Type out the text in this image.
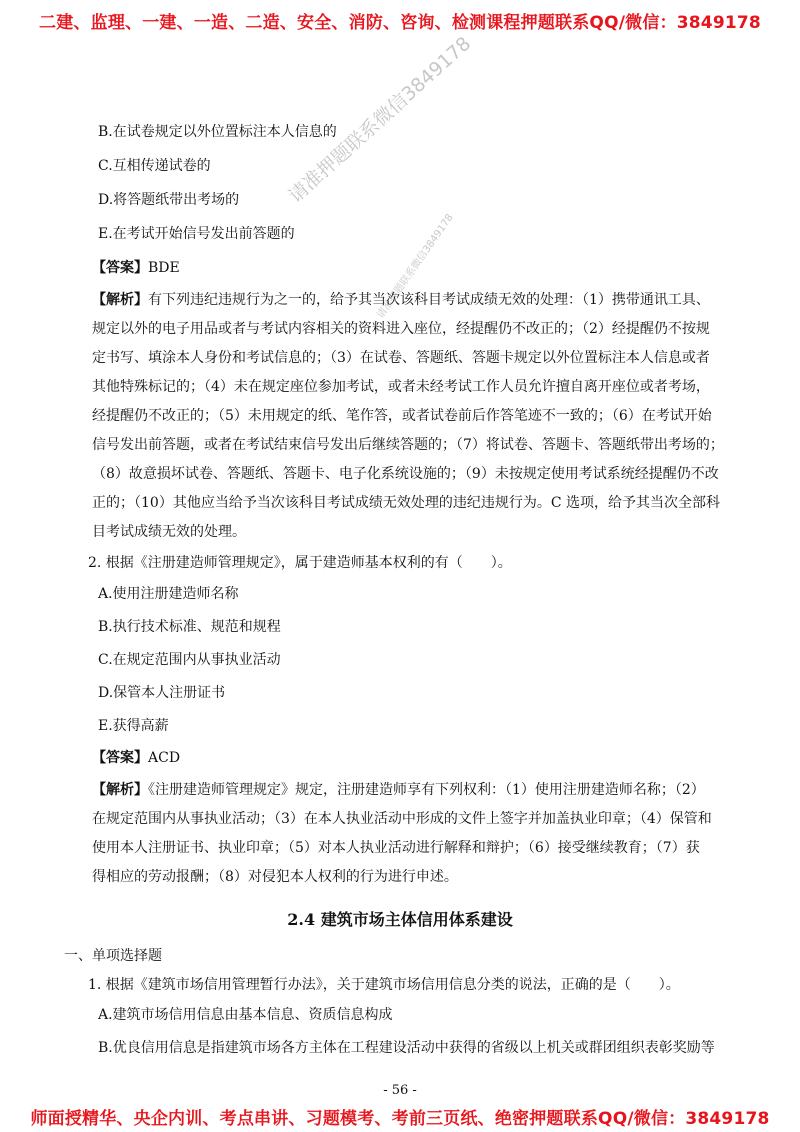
二建、监理、一建、一造、二造、安全、消防、咨询、检测课程押题联系QQ/微信：3849178
请准押题联系微信3849178
请准押题联系微信3849178
B.在试卷规定以外位置标注本人信息的
C.互相传递试卷的
D.将答题纸带出考场的
E.在考试开始信号发出前答题的
【答案】BDE
【解析】有下列违纪违规行为之一的，给予其当次该科目考试成绩无效的处理：（1）携带通讯工具、
规定以外的电子用品或者与考试内容相关的资料进入座位，经提醒仍不改正的；（2）经提醒仍不按规
定书写、填涂本人身份和考试信息的；（3）在试卷、答题纸、答题卡规定以外位置标注本人信息或者
其他特殊标记的；（4）未在规定座位参加考试，或者未经考试工作人员允许擅自离开座位或者考场，
经提醒仍不改正的；（5）未用规定的纸、笔作答，或者试卷前后作答笔迹不一致的；（6）在考试开始
信号发出前答题，或者在考试结束信号发出后继续答题的；（7）将试卷、答题卡、答题纸带出考场的；
（8）故意损坏试卷、答题纸、答题卡、电子化系统设施的；（9）未按规定使用考试系统经提醒仍不改
正的；（10）其他应当给予当次该科目考试成绩无效处理的违纪违规行为。C 选项，给予其当次全部科
目考试成绩无效的处理。
2. 根据《注册建造师管理规定》，属于建造师基本权利的有（　　）。
A.使用注册建造师名称
B.执行技术标准、规范和规程
C.在规定范围内从事执业活动
D.保管本人注册证书
E.获得高薪
【答案】ACD
【解析】《注册建造师管理规定》规定，注册建造师享有下列权利：（1）使用注册建造师名称；（2）
在规定范围内从事执业活动；（3）在本人执业活动中形成的文件上签字并加盖执业印章；（4）保管和
使用本人注册证书、执业印章；（5）对本人执业活动进行解释和辩护；（6）接受继续教育；（7）获
得相应的劳动报酬；（8）对侵犯本人权利的行为进行申述。
2.4 建筑市场主体信用体系建设
一、单项选择题
1. 根据《建筑市场信用管理暂行办法》，关于建筑市场信用信息分类的说法，正确的是（　　）。
A.建筑市场信用信息由基本信息、资质信息构成
B.优良信用信息是指建筑市场各方主体在工程建设活动中获得的省级以上机关或群团组织表彰奖励等
- 56 -
师面授精华、央企内训、考点串讲、习题模考、考前三页纸、绝密押题联系QQ/微信：3849178
